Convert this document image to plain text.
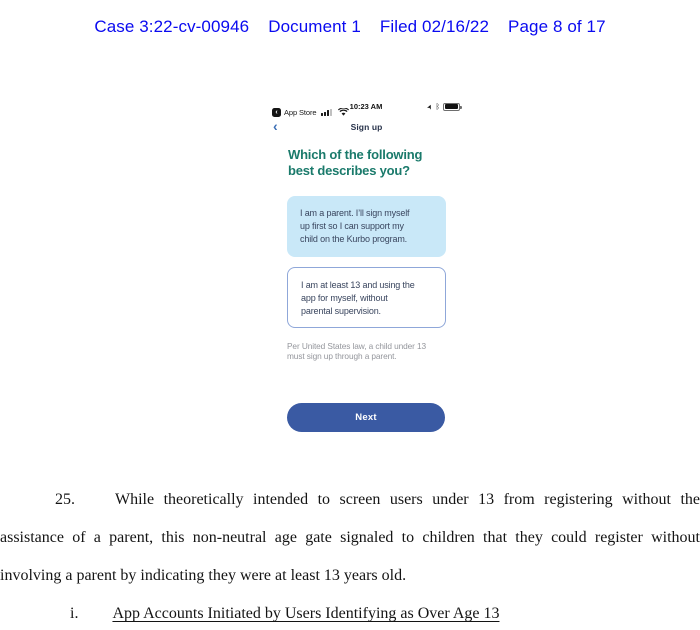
Case 3:22-cv-00946 Document 1 Filed 02/16/22 Page 8 of 17
‹ App Store
10:23 AM	➤ ᛒ
‹	Sign up
Which of the following
best describes you?
I am a parent. I’ll sign myself
up first so I can support my
child on the Kurbo program.
I am at least 13 and using the
app for myself, without
parental supervision.
Per United States law, a child under 13
must sign up through a parent.
Next
25.	While theoretically intended to screen users under 13 from registering without the
assistance of a parent, this non-neutral age gate signaled to children that they could register without
involving a parent by indicating they were at least 13 years old.
i. App Accounts Initiated by Users Identifying as Over Age 13
